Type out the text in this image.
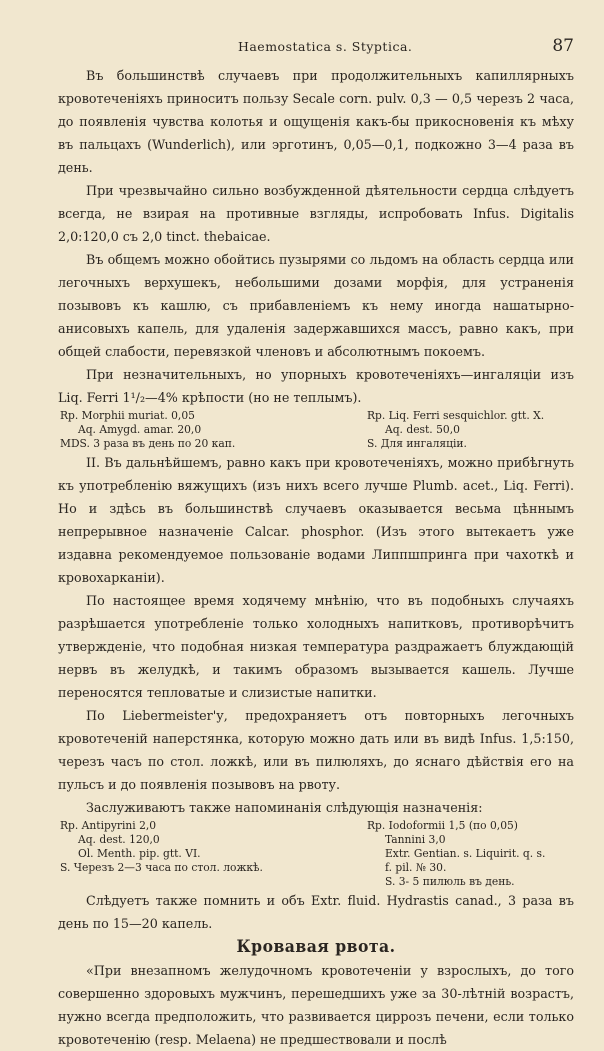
Haemostatica s. Styptica.	87

Въ большинствѣ случаевъ при продолжительныхъ капиллярныхъ кровотеченіяхъ приноситъ пользу Secale corn. pulv. 0,3 — 0,5 черезъ 2 часа, до появленія чувства колотья и ощущенія какъ-бы прикосновенія къ мѣху въ пальцахъ (Wunderlich), или эрготинъ, 0,05—0,1, подкожно 3—4 раза въ день.

При чрезвычайно сильно возбужденной дѣятельности сердца слѣдуетъ всегда, не взирая на противные взгляды, испробовать Infus. Digitalis 2,0:120,0 съ 2,0 tinct. thebaicae.

Въ общемъ можно обойтись пузырями со льдомъ на область сердца или легочныхъ верхушекъ, небольшими дозами морфія, для устраненія позывовъ къ кашлю, съ прибавленіемъ къ нему иногда нашатырно-анисовыхъ капель, для удаленія задержавшихся массъ, равно какъ, при общей слабости, перевязкой членовъ и абсолютнымъ покоемъ.

При незначительныхъ, но упорныхъ кровотеченіяхъ—ингаляціи изъ Liq. Ferri 1¹/₂—4% крѣпости (но не теплымъ).

Rp. Morphii muriat. 0,05
Aq. Amygd. amar. 20,0
MDS. 3 раза въ день по 20 кап.
Rp. Liq. Ferri sesquichlor. gtt. X.
Aq. dest. 50,0
S. Для ингаляціи.

II. Въ дальнѣйшемъ, равно какъ при кровотеченіяхъ, можно прибѣгнуть къ употребленію вяжущихъ (изъ нихъ всего лучше Plumb. acet., Liq. Ferri). Но и здѣсь въ большинствѣ случаевъ оказывается весьма цѣннымъ непрерывное назначеніе Calcar. phosphor. (Изъ этого вытекаетъ уже издавна рекомендуемое пользованіе водами Липпшпринга при чахоткѣ и кровохарканіи).

По настоящее время ходячему мнѣнію, что въ подобныхъ случаяхъ разрѣшается употребленіе только холодныхъ напитковъ, противорѣчитъ утвержденіе, что подобная низкая температура раздражаетъ блуждающій нервъ въ желудкѣ, и такимъ образомъ вызывается кашель. Лучше переносятся тепловатые и слизистые напитки.

По Liebermeister'у, предохраняетъ отъ повторныхъ легочныхъ кровотеченій наперстянка, которую можно дать или въ видѣ Infus. 1,5:150, черезъ часъ по стол. ложкѣ, или въ пилюляхъ, до яснаго дѣйствія его на пульсъ и до появленія позывовъ на рвоту.

Заслуживаютъ также напоминанія слѣдующія назначенія:

Rp. Antipyrini 2,0
Aq. dest. 120,0
Ol. Menth. pip. gtt. VI.
S. Черезъ 2—3 часа по стол. ложкѣ.
Rp. Iodoformii 1,5 (по 0,05)
Tannini 3,0
Extr. Gentian. s. Liquirit. q. s.
f. pil. № 30.
S. 3- 5 пилюль въ день.

Слѣдуетъ также помнить и объ Extr. fluid. Hydrastis canad., 3 раза въ день по 15—20 капель.

Кровавая рвота.

«При внезапномъ желудочномъ кровотеченіи у взрослыхъ, до того совершенно здоровыхъ мужчинъ, перешедшихъ уже за 30-лѣтній возрастъ, нужно всегда предположить, что развивается циррозъ печени, если только кровотеченію (resp. Melaena) не предшествовали и послѣ
